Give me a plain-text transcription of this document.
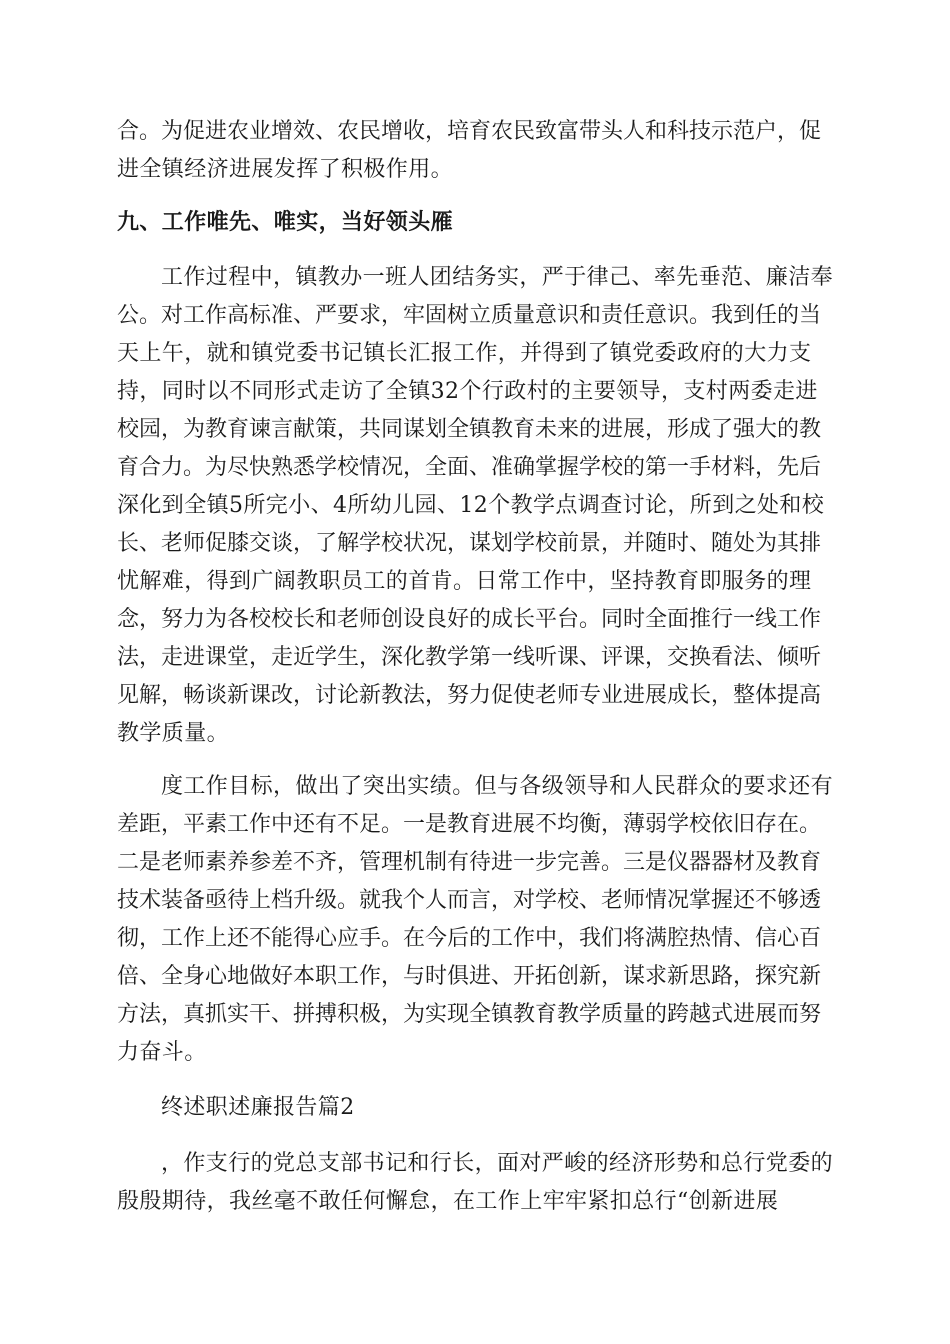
合。为促进农业增效、农民增收，培育农民致富带头人和科技示范户，促
进全镇经济进展发挥了积极作用。
九、工作唯先、唯实，当好领头雁
工作过程中，镇教办一班人团结务实，严于律己、率先垂范、廉洁奉
公。对工作高标准、严要求，牢固树立质量意识和责任意识。我到任的当
天上午，就和镇党委书记镇长汇报工作，并得到了镇党委政府的大力支
持，同时以不同形式走访了全镇32个行政村的主要领导，支村两委走进
校园，为教育谏言献策，共同谋划全镇教育未来的进展，形成了强大的教
育合力。为尽快熟悉学校情况，全面、准确掌握学校的第一手材料，先后
深化到全镇5所完小、4所幼儿园、12个教学点调查讨论，所到之处和校
长、老师促膝交谈，了解学校状况，谋划学校前景，并随时、随处为其排
忧解难，得到广阔教职员工的首肯。日常工作中，坚持教育即服务的理
念，努力为各校校长和老师创设良好的成长平台。同时全面推行一线工作
法，走进课堂，走近学生，深化教学第一线听课、评课，交换看法、倾听
见解，畅谈新课改，讨论新教法，努力促使老师专业进展成长，整体提高
教学质量。
度工作目标，做出了突出实绩。但与各级领导和人民群众的要求还有
差距，平素工作中还有不足。一是教育进展不均衡，薄弱学校依旧存在。
二是老师素养参差不齐，管理机制有待进一步完善。三是仪器器材及教育
技术装备亟待上档升级。就我个人而言，对学校、老师情况掌握还不够透
彻，工作上还不能得心应手。在今后的工作中，我们将满腔热情、信心百
倍、全身心地做好本职工作，与时俱进、开拓创新，谋求新思路，探究新
方法，真抓实干、拼搏积极，为实现全镇教育教学质量的跨越式进展而努
力奋斗。
终述职述廉报告篇2
，作支行的党总支部书记和行长，面对严峻的经济形势和总行党委的
殷殷期待，我丝毫不敢任何懈怠，在工作上牢牢紧扣总行“创新进展
